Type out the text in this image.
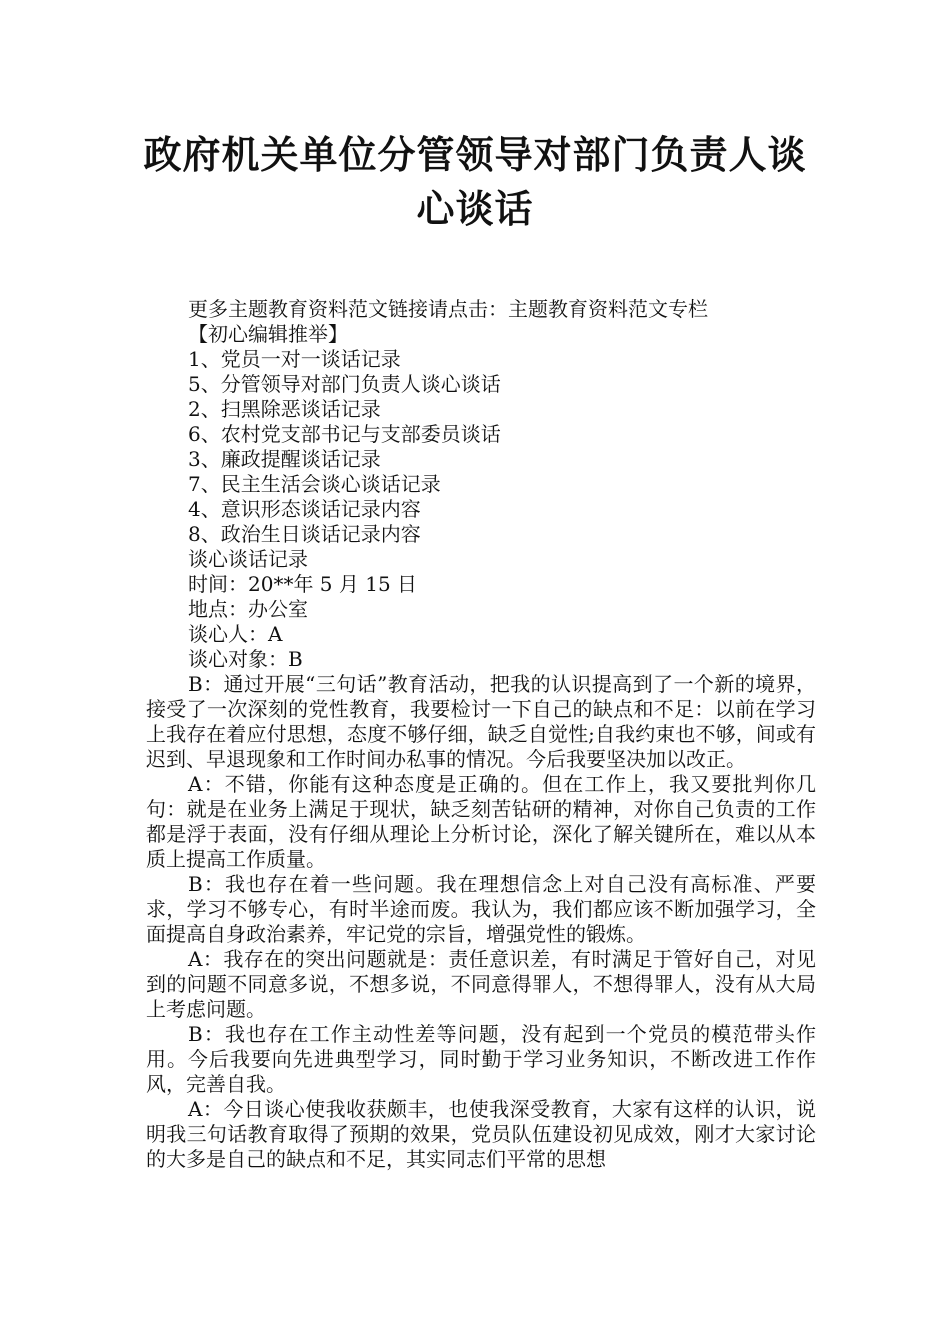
政府机关单位分管领导对部门负责人谈
心谈话
更多主题教育资料范文链接请点击：主题教育资料范文专栏
【初心编辑推举】
1、党员一对一谈话记录
5、分管领导对部门负责人谈心谈话
2、扫黑除恶谈话记录
6、农村党支部书记与支部委员谈话
3、廉政提醒谈话记录
7、民主生活会谈心谈话记录
4、意识形态谈话记录内容
8、政治生日谈话记录内容
谈心谈话记录
时间：20**年 5 月 15 日
地点：办公室
谈心人：A
谈心对象：B

B：通过开展“三句话”教育活动，把我的认识提高到了一个新的境界，接受了一次深刻的党性教育，我要检讨一下自己的缺点和不足：以前在学习上我存在着应付思想，态度不够仔细，缺乏自觉性;自我约束也不够，间或有迟到、早退现象和工作时间办私事的情况。今后我要坚决加以改正。

A：不错，你能有这种态度是正确的。但在工作上，我又要批判你几句：就是在业务上满足于现状，缺乏刻苦钻研的精神，对你自己负责的工作都是浮于表面，没有仔细从理论上分析讨论，深化了解关键所在，难以从本质上提高工作质量。

B：我也存在着一些问题。我在理想信念上对自己没有高标准、严要求，学习不够专心，有时半途而废。我认为，我们都应该不断加强学习，全面提高自身政治素养，牢记党的宗旨，增强党性的锻炼。

A：我存在的突出问题就是：责任意识差，有时满足于管好自己，对见到的问题不同意多说，不想多说，不同意得罪人，不想得罪人，没有从大局上考虑问题。

B：我也存在工作主动性差等问题，没有起到一个党员的模范带头作用。今后我要向先进典型学习，同时勤于学习业务知识，不断改进工作作风，完善自我。

A：今日谈心使我收获颇丰，也使我深受教育，大家有这样的认识，说明我三句话教育取得了预期的效果，党员队伍建设初见成效，刚才大家讨论的大多是自己的缺点和不足，其实同志们平常的思想
